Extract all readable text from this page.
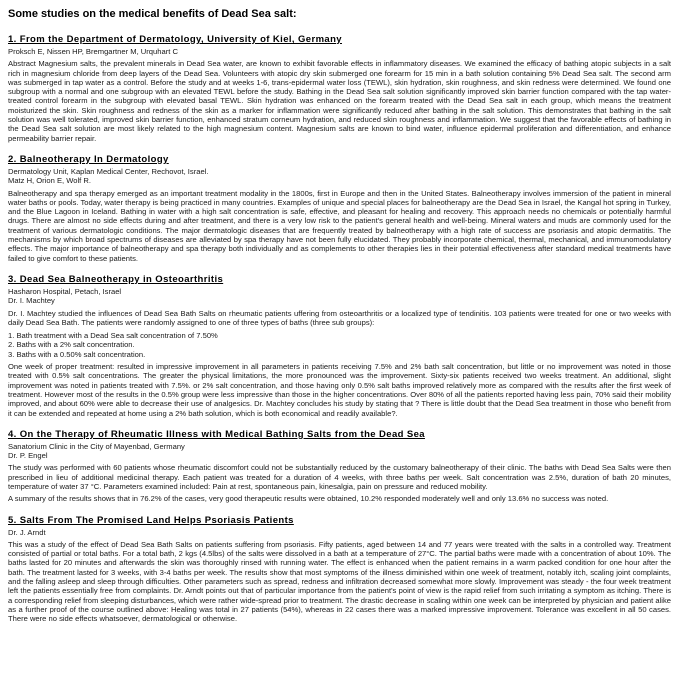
Some studies on the medical benefits of Dead Sea salt:
1. From the Department of Dermatology, University of Kiel, Germany
Proksch E, Nissen HP, Bremgartner M, Urquhart C
Abstract Magnesium salts, the prevalent minerals in Dead Sea water, are known to exhibit favorable effects in inflammatory diseases. We examined the efficacy of bathing atopic subjects in a salt rich in magnesium chloride from deep layers of the Dead Sea. Volunteers with atopic dry skin submerged one forearm for 15 min in a bath solution containing 5% Dead Sea salt. The second arm was submerged in tap water as a control. Before the study and at weeks 1-6, trans-epidermal water loss (TEWL), skin hydration, skin roughness, and skin redness were determined. We found one subgroup with a normal and one subgroup with an elevated TEWL before the study. Bathing in the Dead Sea salt solution significantly improved skin barrier function compared with the tap water-treated control forearm in the subgroup with elevated basal TEWL. Skin hydration was enhanced on the forearm treated with the Dead Sea salt in each group, which means the treatment moisturized the skin. Skin roughness and redness of the skin as a marker for inflammation were significantly reduced after bathing in the salt solution. This demonstrates that bathing in the salt solution was well tolerated, improved skin barrier function, enhanced stratum corneum hydration, and reduced skin roughness and inflammation. We suggest that the favorable effects of bathing in the Dead Sea salt solution are most likely related to the high magnesium content. Magnesium salts are known to bind water, influence epidermal proliferation and differentiation, and enhance permeability barrier repair.
2. Balneotherapy In Dermatology
Dermatology Unit, Kaplan Medical Center, Rechovot, Israel.
Matz H, Orion E, Wolf R.
Balneotherapy and spa therapy emerged as an important treatment modality in the 1800s, first in Europe and then in the United States. Balneotherapy involves immersion of the patient in mineral water baths or pools. Today, water therapy is being practiced in many countries. Examples of unique and special places for balneotherapy are the Dead Sea in Israel, the Kangal hot spring in Turkey, and the Blue Lagoon in Iceland. Bathing in water with a high salt concentration is safe, effective, and pleasant for healing and recovery. This approach needs no chemicals or potentially harmful drugs. There are almost no side effects during and after treatment, and there is a very low risk to the patient's general health and well-being. Mineral waters and muds are commonly used for the treatment of various dermatologic conditions. The major dermatologic diseases that are frequently treated by balneotherapy with a high rate of success are psoriasis and atopic dermatitis. The mechanisms by which broad spectrums of diseases are alleviated by spa therapy have not been fully elucidated. They probably incorporate chemical, thermal, mechanical, and immunomodulatory effects. The major importance of balneotherapy and spa therapy both individually and as complements to other therapies lies in their potential effectiveness after standard medical treatments have failed to give comfort to these patients.
3. Dead Sea Balneotherapy in Osteoarthritis
Hasharon Hospital, Petach, Israel
Dr. I. Machtey
Dr. I. Machtey studied the influences of Dead Sea Bath Salts on rheumatic patients uffering from osteoarthritis or a localized type of tendinitis. 103 patients were treated for one or two weeks with daily Dead Sea Bath. The patients were randomly assigned to one of three types of baths (three sub groups):
1. Bath treatment with a Dead Sea salt concentration of 7.50%
2. Baths with a 2% salt concentration.
3. Baths with a 0.50% salt concentration.
One week of proper treatment: resulted in impressive improvement in all parameters in patients receiving 7.5% and 2% bath salt concentration, but little or no improvement was noted in those treated with 0.5% salt concentrations. The greater the physical limitations, the more pronounced was the improvement. Sixty-six patients received two weeks treatment. An additional, slight improvement was noted in patients treated with 7.5%. or 2% salt concentration, and those having only 0.5% salt baths improved relatively more as compared with the results after the first week of treatment. However most of the results in the 0.5% group were less impressive than those in the higher concentrations. Over 80% of all the patients reported having less pain, 70% said their mobility improved, and about 60% were able to decrease their use of analgesics. Dr. Machtey concludes his study by stating that ? There is little doubt that the Dead Sea treatment in those who benefit from it can be extended and repeated at home using a 2% bath solution, which is both economical and readily available?.
4. On the Therapy of Rheumatic Illness with Medical Bathing Salts from the Dead Sea
Sanatorium Clinic in the City of Mayenbad, Germany
Dr. P. Engel
The study was performed with 60 patients whose rheumatic discomfort could not be substantially reduced by the customary balneotherapy of their clinic. The baths with Dead Sea Salts were then prescribed in lieu of additional medicinal therapy. Each patient was treated for a duration of 4 weeks, with three baths per week. Salt concentration was 2.5%, duration of bath 20 minutes, temperature of water 37 °C. Parameters examined included: Pain at rest, spontaneous pain, kinesalgia, pain on pressure and reduced mobility.
A summary of the results shows that in 76.2% of the cases, very good therapeutic results were obtained, 10.2% responded moderately well and only 13.6% no success was noted.
5. Salts From The Promised Land Helps Psoriasis Patients
Dr. J. Arndt
This was a study of the effect of Dead Sea Bath Salts on patients suffering from psoriasis. Fifty patients, aged between 14 and 77 years were treated with the salts in a controlled way. Treatment consisted of partial or total baths. For a total bath, 2 kgs (4.5lbs) of the salts were dissolved in a bath at a temperature of 27°C. The partial baths were made with a concentration of about 10%. The baths lasted for 20 minutes and afterwards the skin was thoroughly rinsed with running water. The effect is enhanced when the patient remains in a warm packed condition for one hour after the bath. The treatment lasted for 3 weeks, with 3-4 baths per week. The results show that most symptoms of the illness diminished within one week of treatment, notably itch, scaling joint complaints, and the falling asleep and sleep through difficulties. Other parameters such as spread, redness and infiltration decreased somewhat more slowly. Improvement was steady - the four week treatment left the patients essentially free from complaints. Dr. Arndt points out that of particular importance from the patient's point of view is the rapid relief from such irritating a symptom as itching. There is a corresponding relief from sleeping disturbances, which were rather wide-spread prior to treatment. The drastic decrease in scaling within one week can be interpreted by physician and patient alike as a further proof of the course outlined above: Healing was total in 27 patients (54%), whereas in 22 cases there was a marked impressive improvement. Tolerance was excellent in all 50 cases. There were no side effects whatsoever, dermatological or otherwise.
